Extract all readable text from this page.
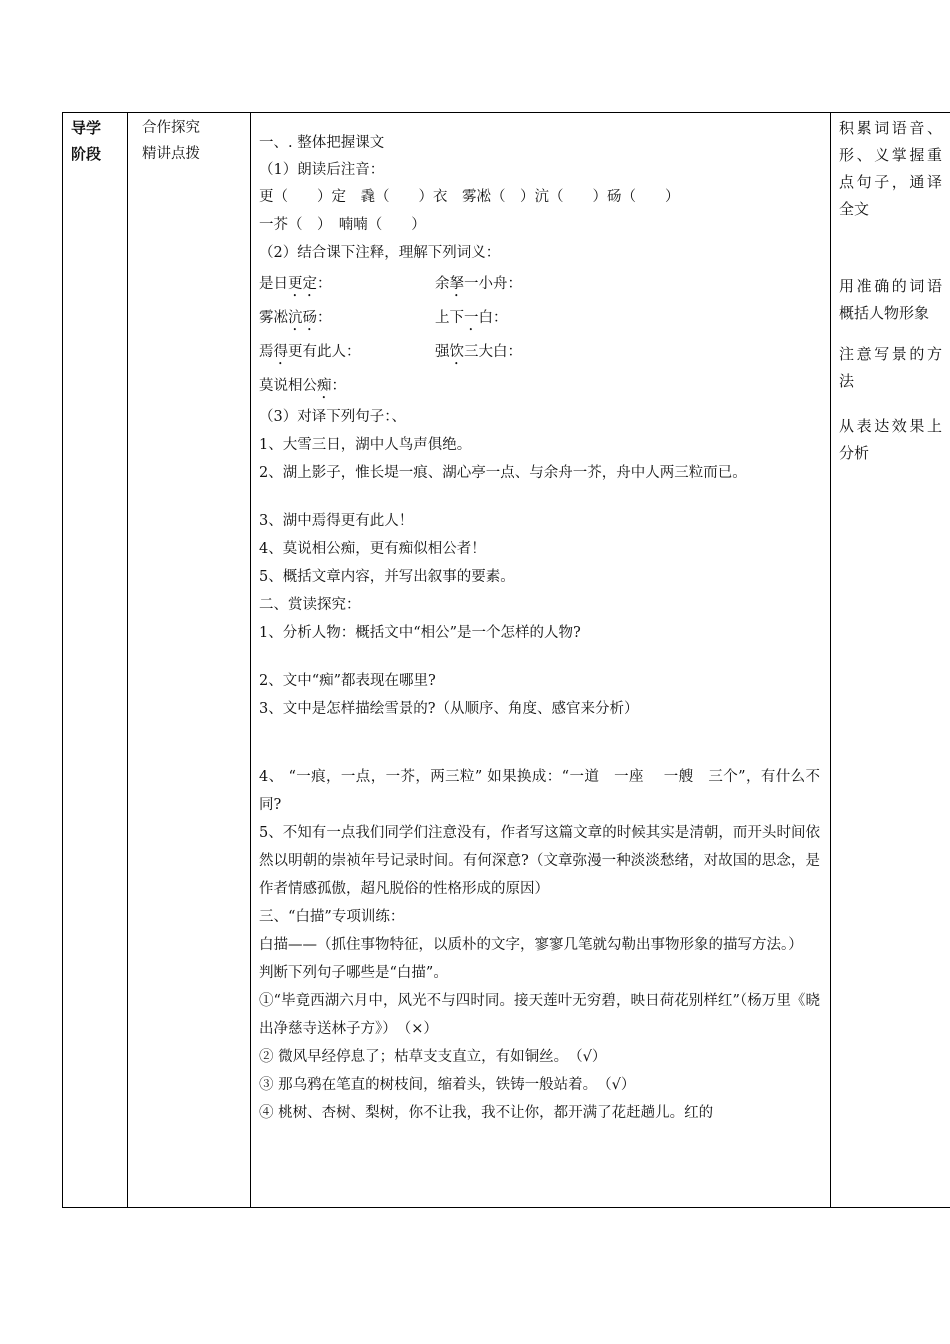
导学
阶段

合作探究
精讲点拨

一、. 整体把握课文
（1）朗读后注音：
更（　　）定　毳（　　）衣　雾凇（　）沆（　　）砀（　　）
一芥（　）　喃喃（　　）
（2）结合课下注释，理解下列词义：
是日更定：	余拏一小舟：
雾凇沆砀：	上下一白：
焉得更有此人：	强饮三大白：
莫说相公痴：
（3）对译下列句子：、
1、大雪三日，湖中人鸟声俱绝。
2、湖上影子，惟长堤一痕、湖心亭一点、与余舟一芥，舟中人两三粒而已。
3、湖中焉得更有此人！
4、莫说相公痴，更有痴似相公者！
5、概括文章内容，并写出叙事的要素。
二、赏读探究：
1、分析人物：概括文中“相公”是一个怎样的人物?
2、文中“痴”都表现在哪里?
3、文中是怎样描绘雪景的?（从顺序、角度、感官来分析）
4、 “一痕，一点，一芥，两三粒” 如果换成：“一道　一座　 一艘　三个”，有什么不同?
5、不知有一点我们同学们注意没有，作者写这篇文章的时候其实是清朝，而开头时间依然以明朝的崇祯年号记录时间。有何深意?（文章弥漫一种淡淡愁绪，对故国的思念，是作者情感孤傲，超凡脱俗的性格形成的原因）
三、“白描”专项训练：
白描——（抓住事物特征，以质朴的文字，寥寥几笔就勾勒出事物形象的描写方法。）
判断下列句子哪些是“白描”。
①“毕竟西湖六月中，风光不与四时同。接天莲叶无穷碧，映日荷花别样红”（杨万里《晓出净慈寺送林子方》）　（×）
② 微风早经停息了；枯草支支直立，有如铜丝。　（√）
③ 那乌鸦在笔直的树枝间，缩着头，铁铸一般站着。　（√）
④ 桃树、杏树、梨树，你不让我，我不让你，都开满了花赶趟儿。红的

积累词语音、形、义掌握重点句子，通译全文
用准确的词语概括人物形象
注意写景的方法
从表达效果上分析
